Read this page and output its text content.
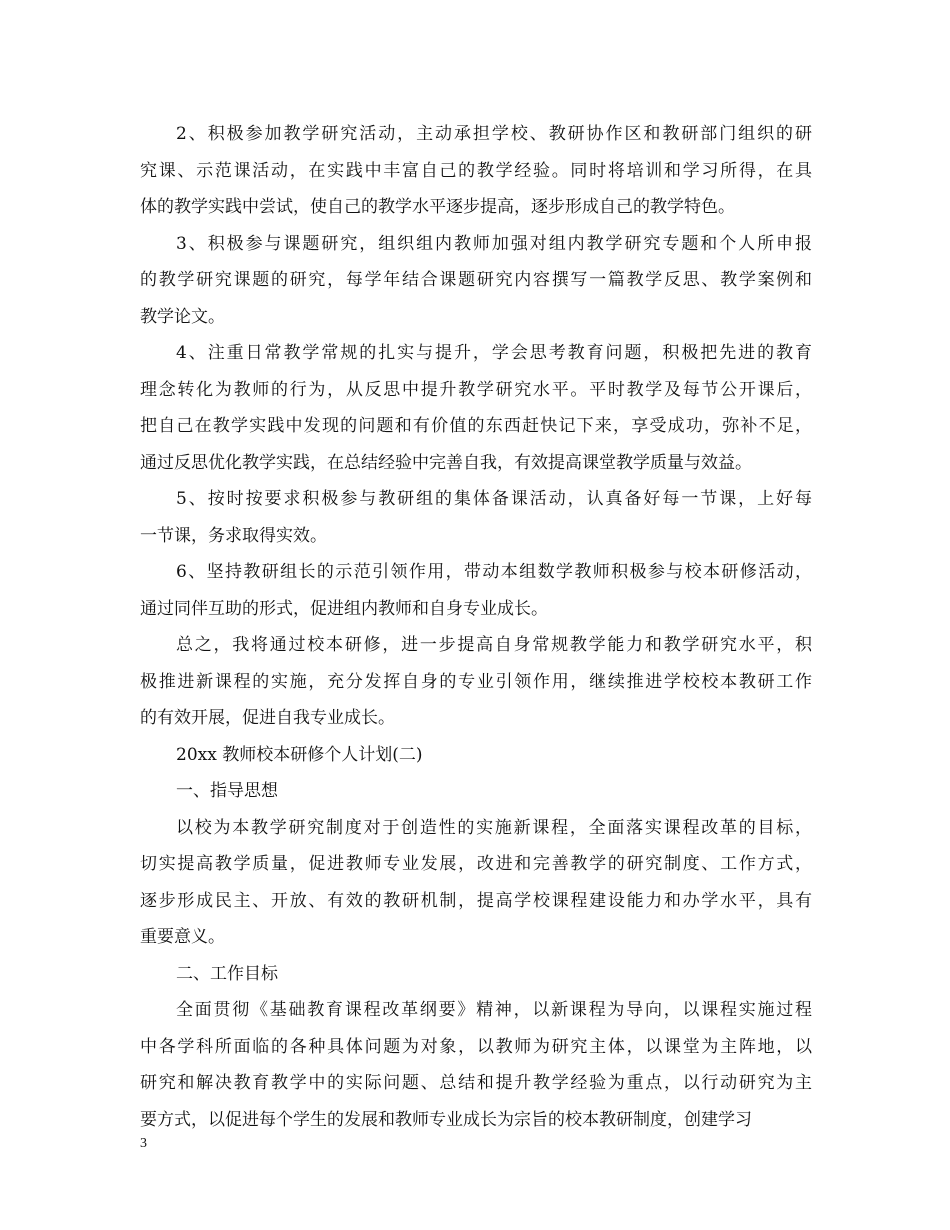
2、积极参加教学研究活动，主动承担学校、教研协作区和教研部门组织的研
究课、示范课活动，在实践中丰富自己的教学经验。同时将培训和学习所得，在具
体的教学实践中尝试，使自己的教学水平逐步提高，逐步形成自己的教学特色。
3、积极参与课题研究，组织组内教师加强对组内教学研究专题和个人所申报
的教学研究课题的研究，每学年结合课题研究内容撰写一篇教学反思、教学案例和
教学论文。
4、注重日常教学常规的扎实与提升，学会思考教育问题，积极把先进的教育
理念转化为教师的行为，从反思中提升教学研究水平。平时教学及每节公开课后，
把自己在教学实践中发现的问题和有价值的东西赶快记下来，享受成功，弥补不足，
通过反思优化教学实践，在总结经验中完善自我，有效提高课堂教学质量与效益。
5、按时按要求积极参与教研组的集体备课活动，认真备好每一节课，上好每
一节课，务求取得实效。
6、坚持教研组长的示范引领作用，带动本组数学教师积极参与校本研修活动，
通过同伴互助的形式，促进组内教师和自身专业成长。
总之，我将通过校本研修，进一步提高自身常规教学能力和教学研究水平，积
极推进新课程的实施，充分发挥自身的专业引领作用，继续推进学校校本教研工作
的有效开展，促进自我专业成长。
20xx 教师校本研修个人计划(二)
一、指导思想
以校为本教学研究制度对于创造性的实施新课程，全面落实课程改革的目标，
切实提高教学质量，促进教师专业发展，改进和完善教学的研究制度、工作方式，
逐步形成民主、开放、有效的教研机制，提高学校课程建设能力和办学水平，具有
重要意义。
二、工作目标
全面贯彻《基础教育课程改革纲要》精神，以新课程为导向，以课程实施过程
中各学科所面临的各种具体问题为对象，以教师为研究主体，以课堂为主阵地，以
研究和解决教育教学中的实际问题、总结和提升教学经验为重点，以行动研究为主
要方式，以促进每个学生的发展和教师专业成长为宗旨的校本教研制度，创建学习
3
